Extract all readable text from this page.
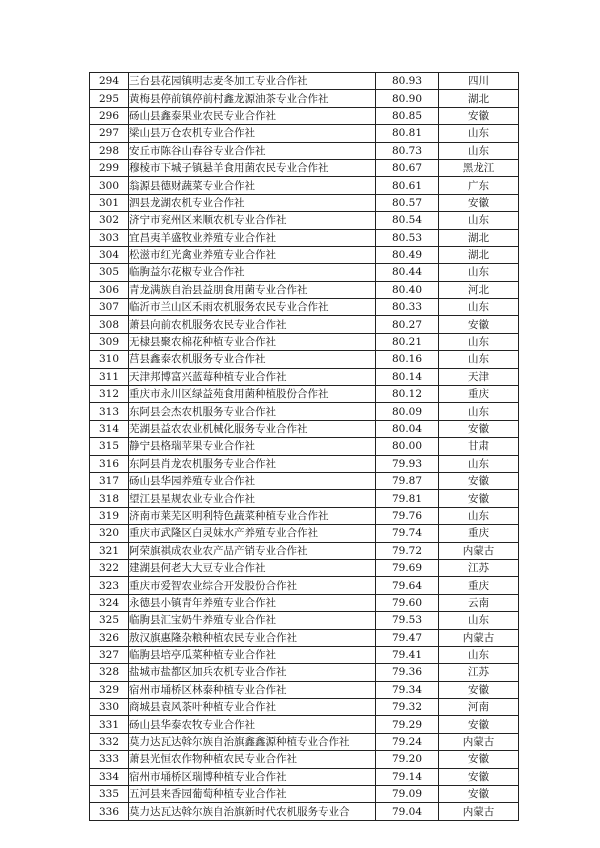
294	三台县花园镇明志麦冬加工专业合作社	80.93	四川
295	黄梅县停前镇停前村鑫龙源油茶专业合作社	80.90	湖北
296	砀山县鑫泰果业农民专业合作社	80.85	安徽
297	梁山县万仓农机专业合作社	80.81	山东
298	安丘市陈谷山春谷专业合作社	80.73	山东
299	穆棱市下城子镇悬羊食用菌农民专业合作社	80.67	黑龙江
300	翁源县德财蔬菜专业合作社	80.61	广东
301	泗县龙湖农机专业合作社	80.57	安徽
302	济宁市兖州区来顺农机专业合作社	80.54	山东
303	宜昌夷羊盛牧业养殖专业合作社	80.53	湖北
304	松滋市红光禽业养殖专业合作社	80.49	湖北
305	临朐益尔花椒专业合作社	80.44	山东
306	青龙满族自治县益朋食用菌专业合作社	80.40	河北
307	临沂市兰山区禾雨农机服务农民专业合作社	80.33	山东
308	萧县向前农机服务农民专业合作社	80.27	安徽
309	无棣县聚农棉花种植专业合作社	80.21	山东
310	莒县鑫泰农机服务专业合作社	80.16	山东
311	天津邦博富兴蓝莓种植专业合作社	80.14	天津
312	重庆市永川区绿益苑食用菌种植股份合作社	80.12	重庆
313	东阿县会杰农机服务专业合作社	80.09	山东
314	芜湖县益农农业机械化服务专业合作社	80.04	安徽
315	静宁县格瑞苹果专业合作社	80.00	甘肃
316	东阿县肖龙农机服务专业合作社	79.93	山东
317	砀山县华园养殖专业合作社	79.87	安徽
318	望江县星规农业专业合作社	79.81	安徽
319	济南市莱芜区明利特色蔬菜种植专业合作社	79.76	山东
320	重庆市武隆区白灵妹水产养殖专业合作社	79.74	重庆
321	阿荣旗祺成农业农产品产销专业合作社	79.72	内蒙古
322	建湖县何老大大豆专业合作社	79.69	江苏
323	重庆市爱智农业综合开发股份合作社	79.64	重庆
324	永德县小镇青年养殖专业合作社	79.60	云南
325	临朐县汇宝奶牛养殖专业合作社	79.53	山东
326	敖汉旗惠隆杂粮种植农民专业合作社	79.47	内蒙古
327	临朐县培亭瓜菜种植专业合作社	79.41	山东
328	盐城市盐都区加兵农机专业合作社	79.36	江苏
329	宿州市埇桥区林泰种植专业合作社	79.34	安徽
330	商城县袁风茶叶种植专业合作社	79.32	河南
331	砀山县华泰农牧专业合作社	79.29	安徽
332	莫力达瓦达斡尔族自治旗鑫鑫源种植专业合作社	79.24	内蒙古
333	萧县光恒农作物种植农民专业合作社	79.20	安徽
334	宿州市埇桥区瑞博种植专业合作社	79.14	安徽
335	五河县来香园葡萄种植专业合作社	79.09	安徽
336	莫力达瓦达斡尔族自治旗新时代农机服务专业合	79.04	内蒙古
